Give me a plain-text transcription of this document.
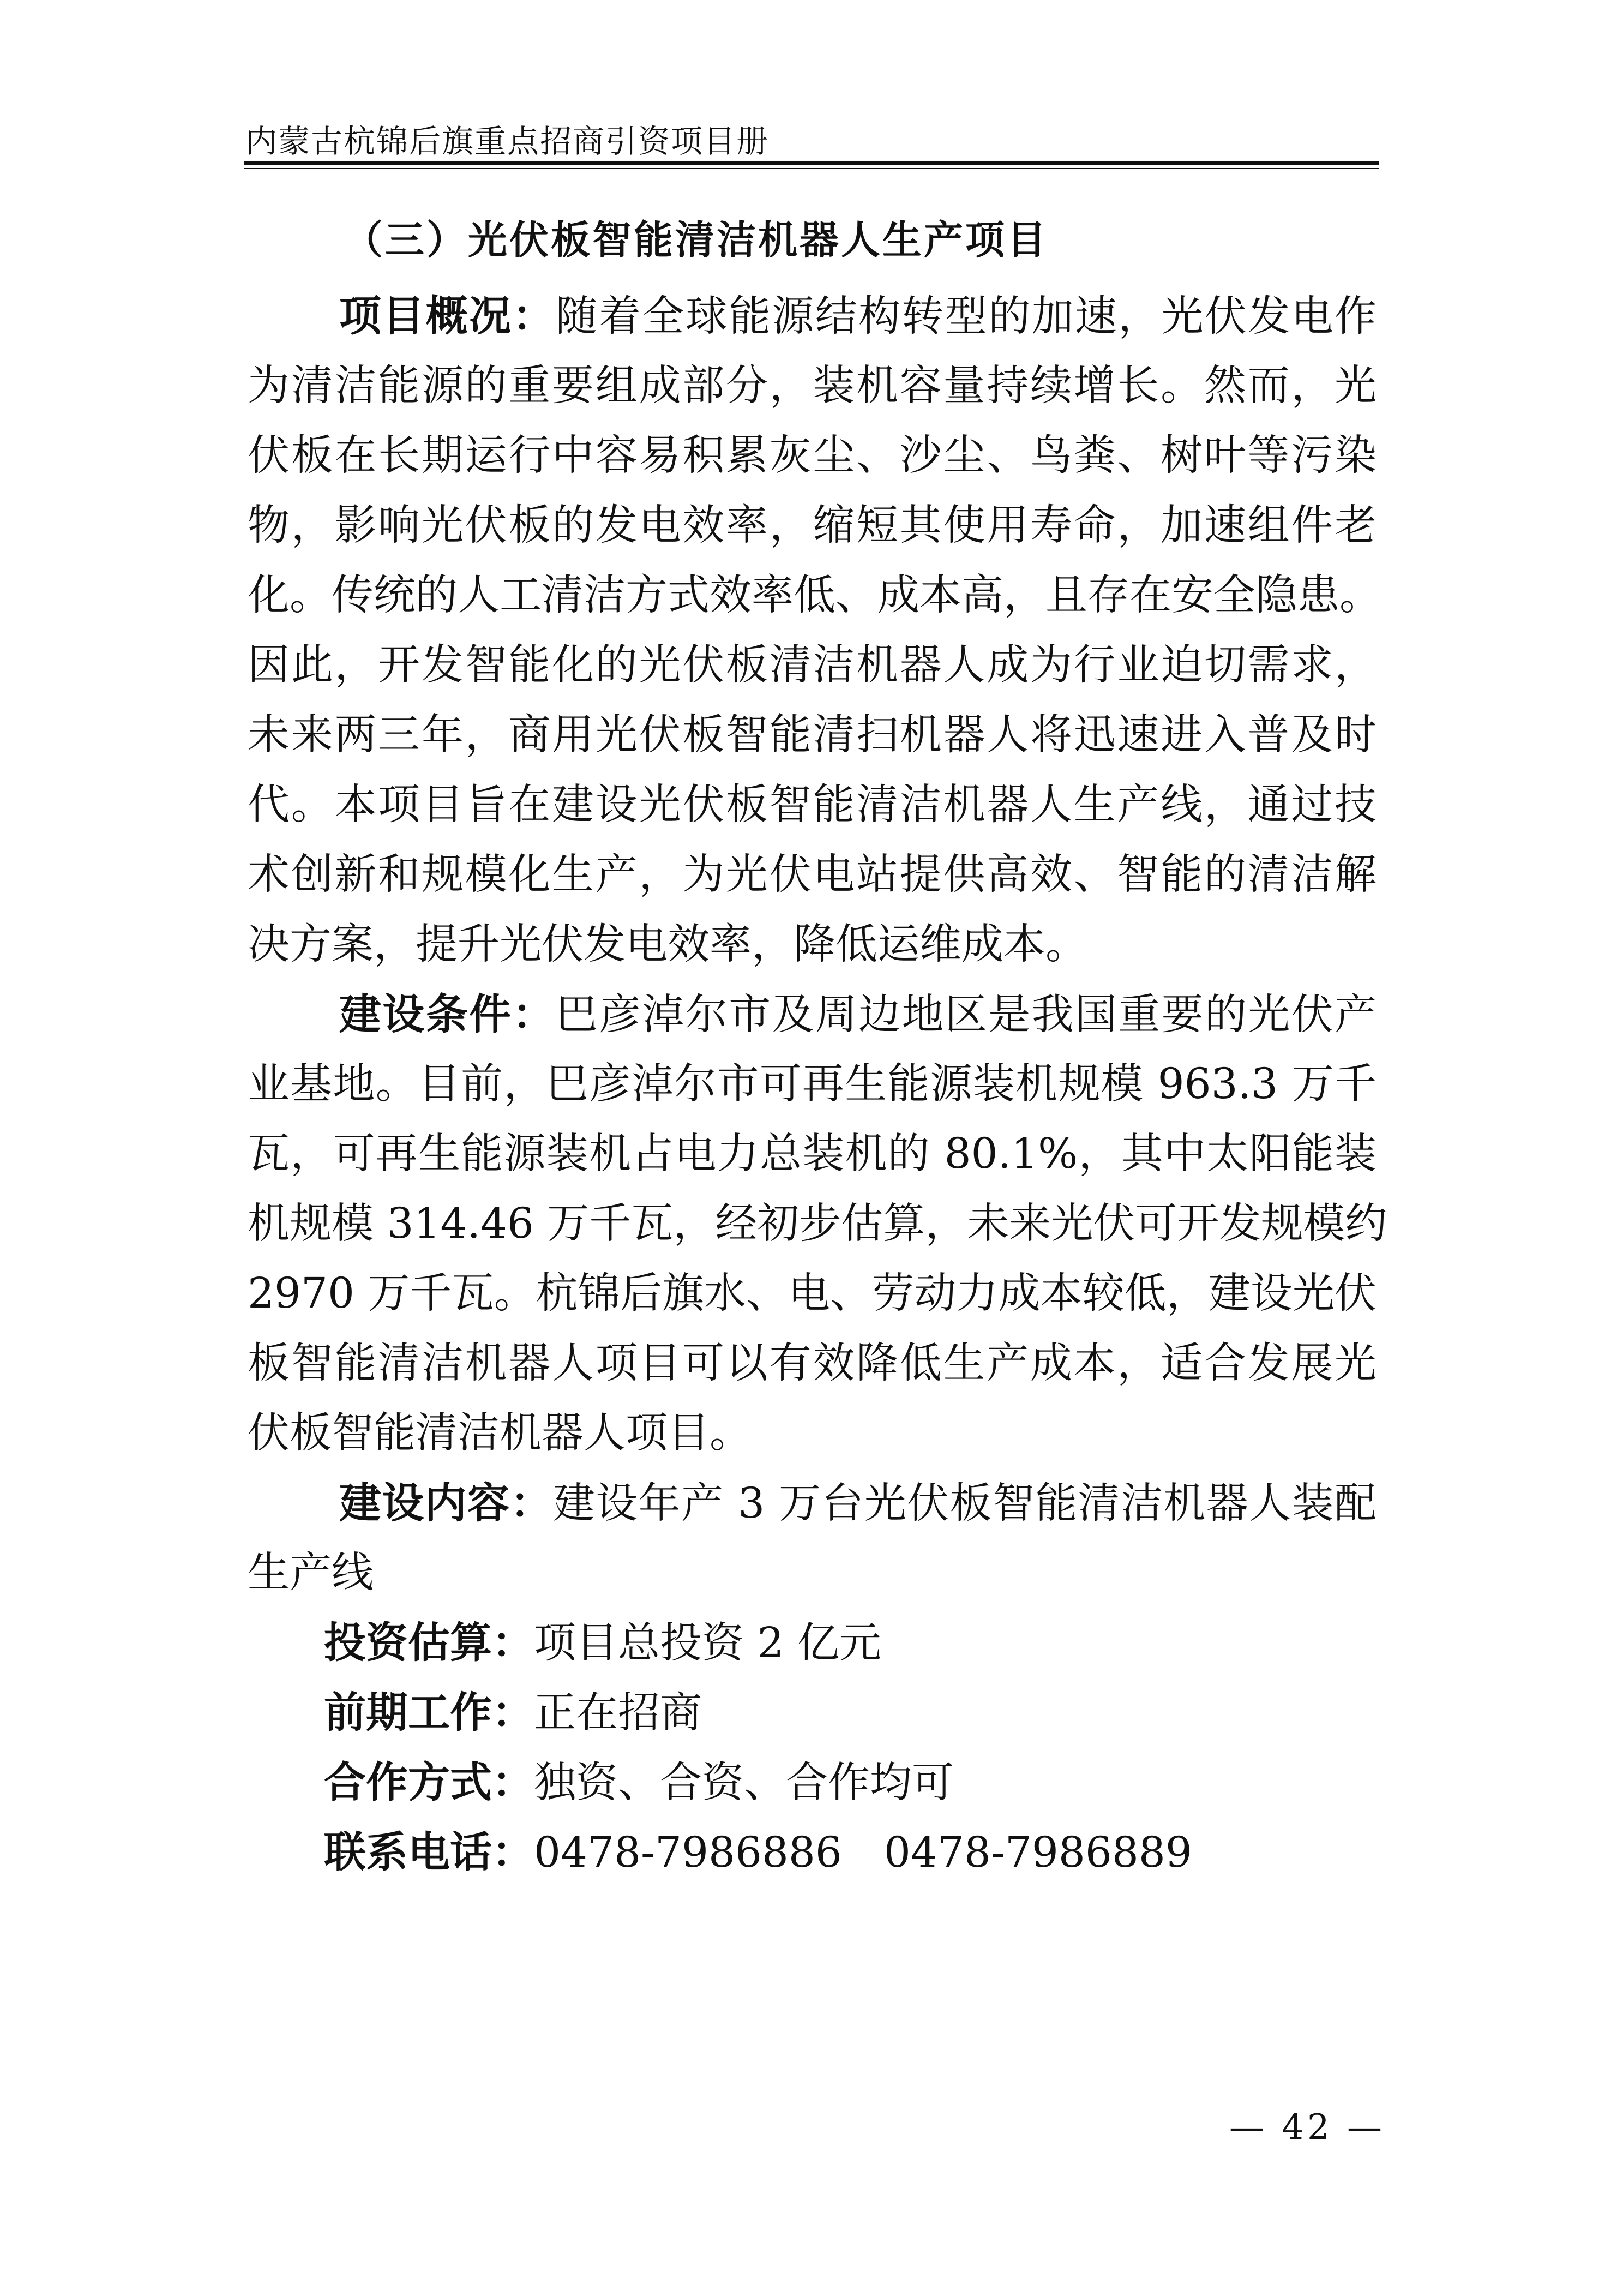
内蒙古杭锦后旗重点招商引资项目册
（三）光伏板智能清洁机器人生产项目
项目概况：随着全球能源结构转型的加速，光伏发电作
为清洁能源的重要组成部分，装机容量持续增长。然而，光
伏板在长期运行中容易积累灰尘、沙尘、鸟粪、树叶等污染
物，影响光伏板的发电效率，缩短其使用寿命，加速组件老
化。传统的人工清洁方式效率低、成本高，且存在安全隐患。
因此，开发智能化的光伏板清洁机器人成为行业迫切需求，
未来两三年，商用光伏板智能清扫机器人将迅速进入普及时
代。本项目旨在建设光伏板智能清洁机器人生产线，通过技
术创新和规模化生产，为光伏电站提供高效、智能的清洁解
决方案，提升光伏发电效率，降低运维成本。
建设条件：巴彦淖尔市及周边地区是我国重要的光伏产
业基地。目前，巴彦淖尔市可再生能源装机规模 963.3 万千
瓦，可再生能源装机占电力总装机的 80.1%，其中太阳能装
机规模 314.46 万千瓦，经初步估算，未来光伏可开发规模约
2970 万千瓦。杭锦后旗水、电、劳动力成本较低，建设光伏
板智能清洁机器人项目可以有效降低生产成本，适合发展光
伏板智能清洁机器人项目。
建设内容：建设年产 3 万台光伏板智能清洁机器人装配
生产线
投资估算：项目总投资 2 亿元
前期工作：正在招商
合作方式：独资、合资、合作均可
联系电话：0478-7986886　0478-7986889
— 42 —
